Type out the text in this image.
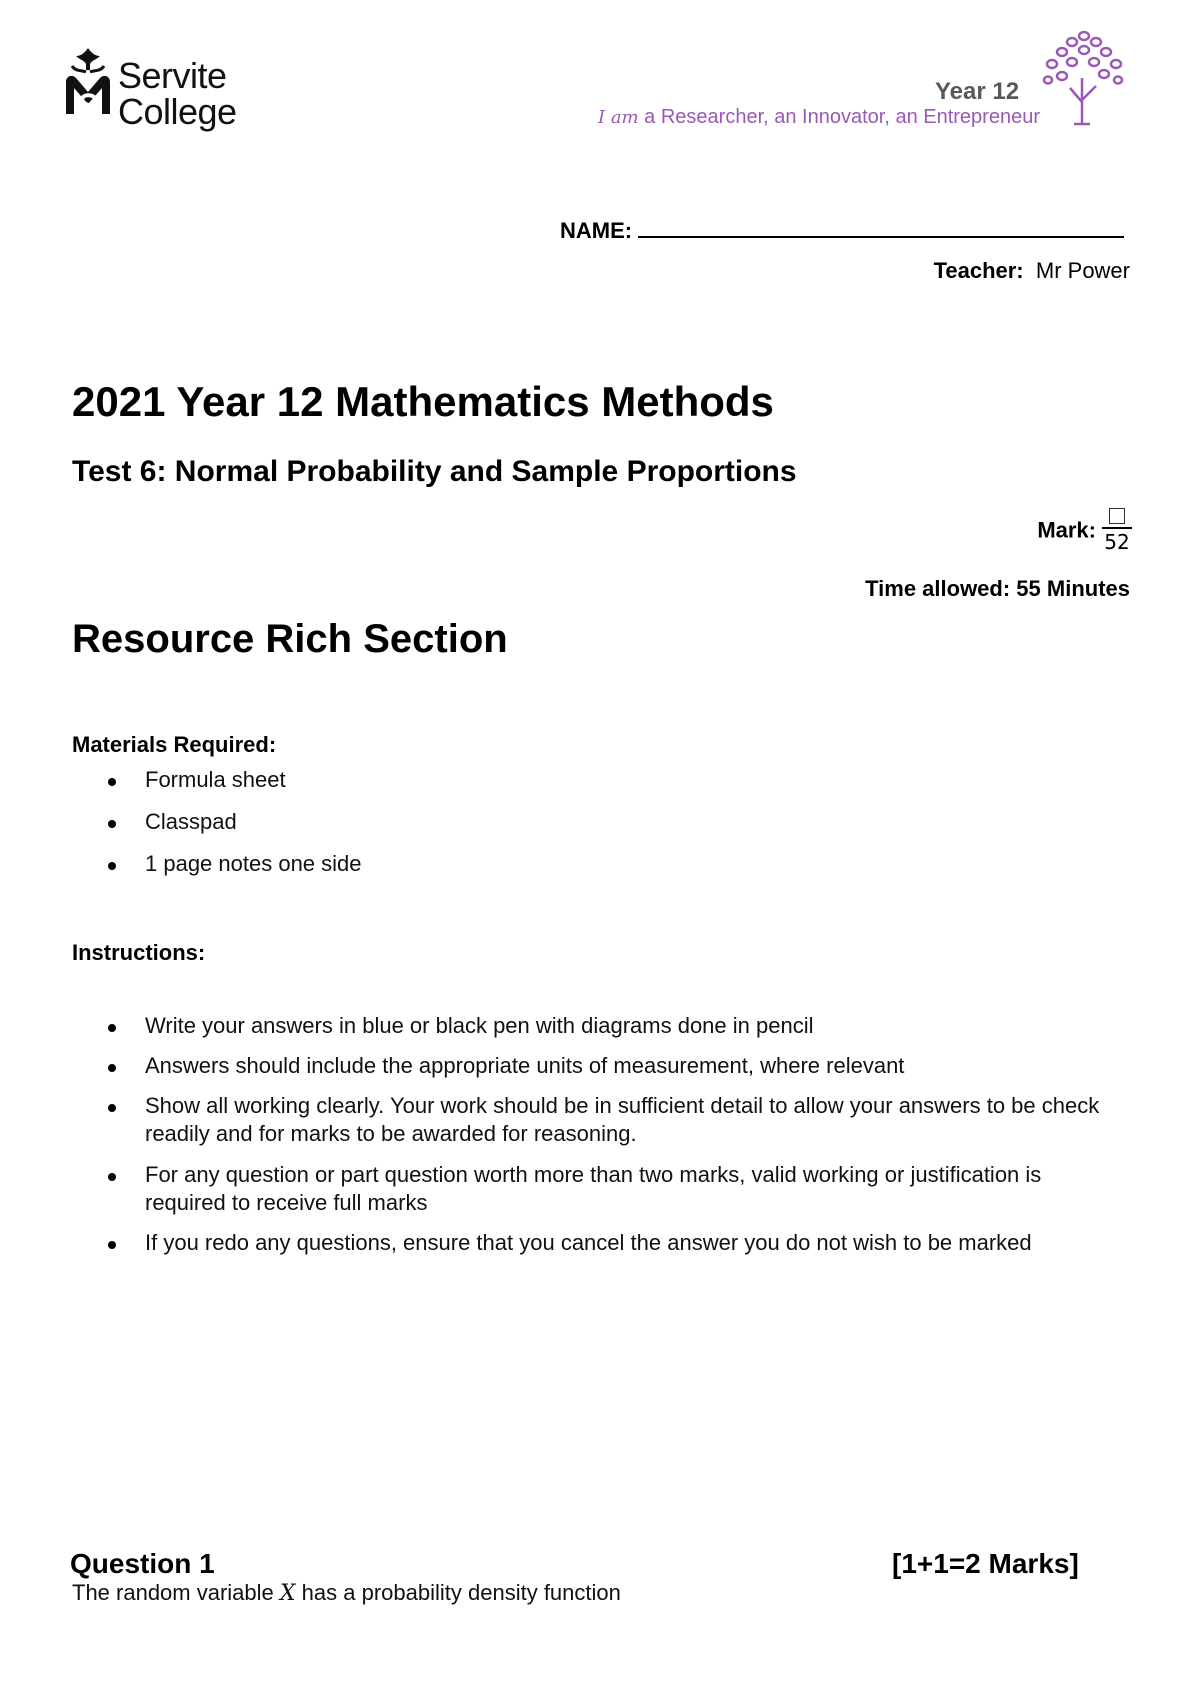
Servite
College	Year 12
I am a Researcher, an Innovator, an Entrepreneur
NAME:
Teacher: Mr Power
2021 Year 12 Mathematics Methods
Test 6: Normal Probability and Sample Proportions
Mark: 52
Time allowed: 55 Minutes
Resource Rich Section
Materials Required:
Formula sheet
Classpad
1 page notes one side
Instructions:
Write your answers in blue or black pen with diagrams done in pencil
Answers should include the appropriate units of measurement, where relevant
Show all working clearly. Your work should be in sufficient detail to allow your answers to be check readily and for marks to be awarded for reasoning.
For any question or part question worth more than two marks, valid working or justification is required to receive full marks
If you redo any questions, ensure that you cancel the answer you do not wish to be marked
Question 1	[1+1=2 Marks]
The random variable X has a probability density function
